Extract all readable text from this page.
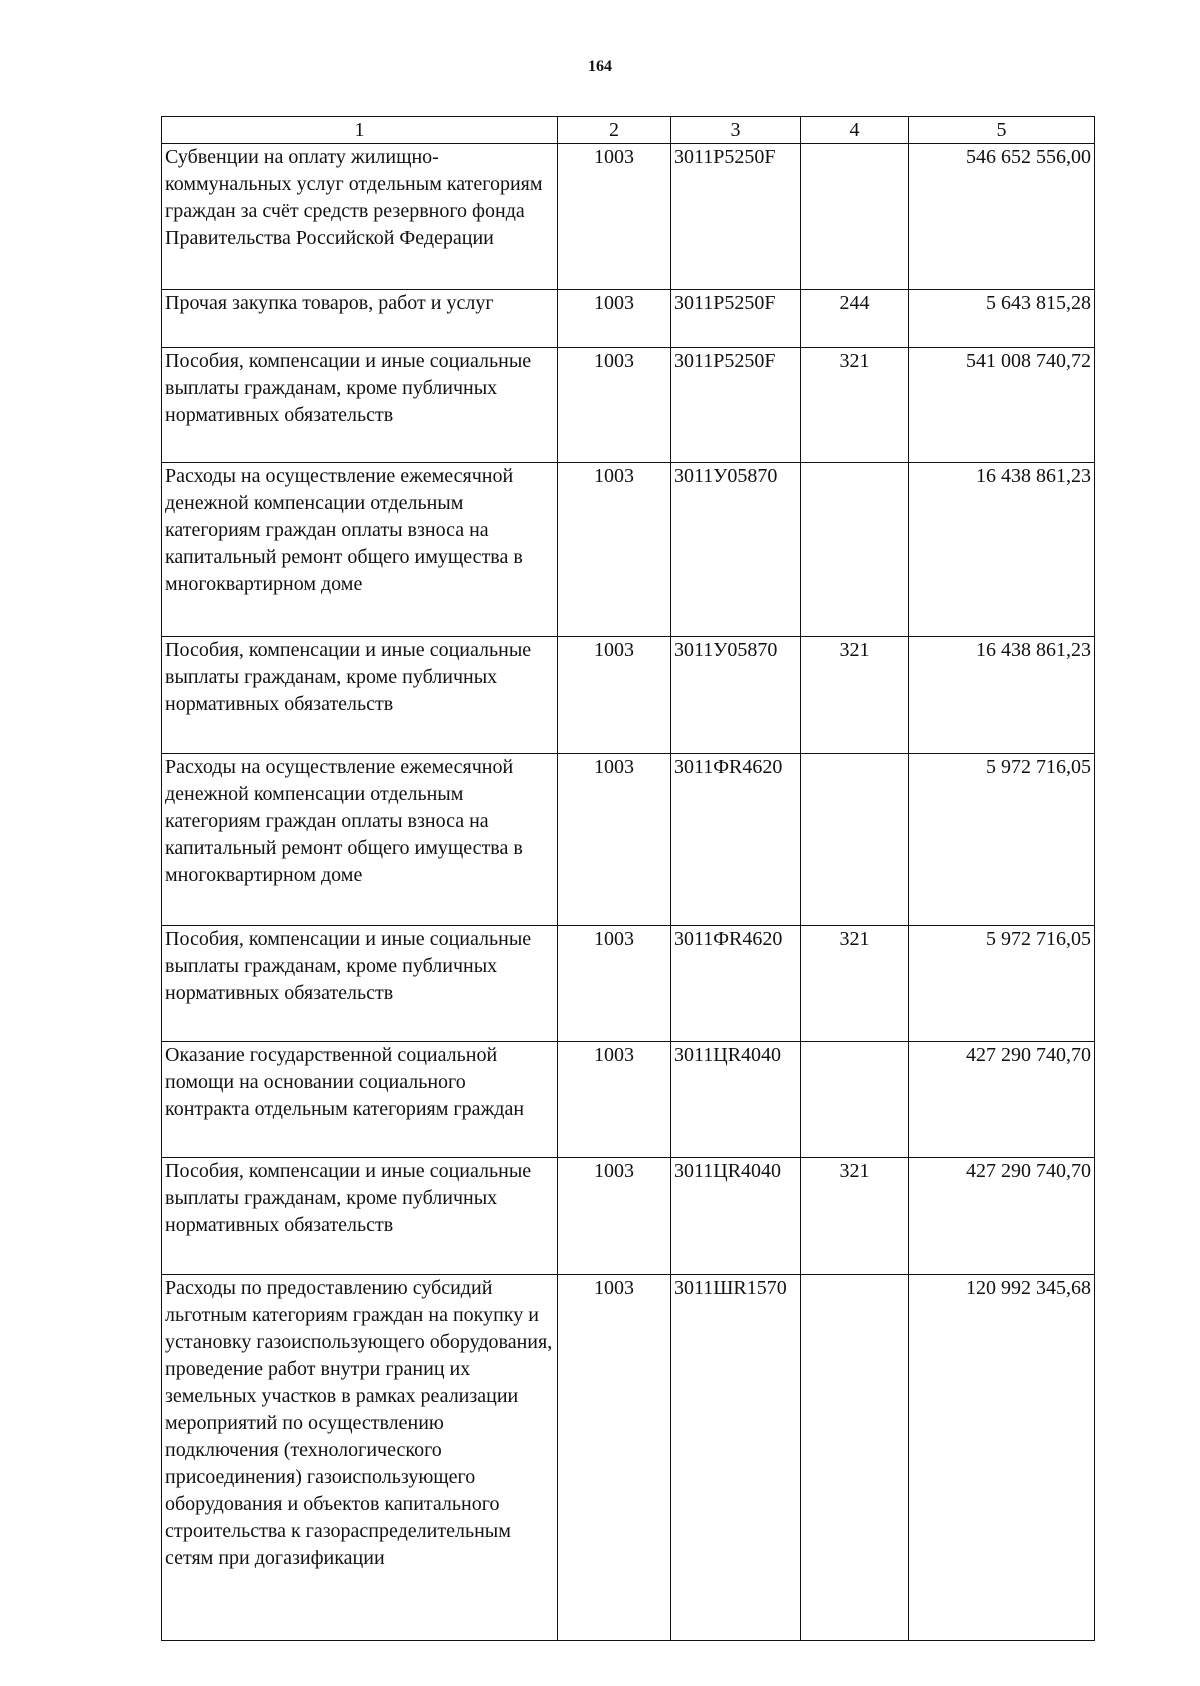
164
1	2	3	4	5
Субвенции на оплату жилищно-коммунальных услуг отдельным категориям граждан за счёт средств резервного фонда Правительства Российской Федерации	1003	3011Р5250F		546 652 556,00
Прочая закупка товаров, работ и услуг	1003	3011Р5250F	244	5 643 815,28
Пособия, компенсации и иные социальные выплаты гражданам, кроме публичных нормативных обязательств	1003	3011Р5250F	321	541 008 740,72
Расходы на осуществление ежемесячной денежной компенсации отдельным категориям граждан оплаты взноса на капитальный ремонт общего имущества в многоквартирном доме	1003	3011У05870		16 438 861,23
Пособия, компенсации и иные социальные выплаты гражданам, кроме публичных нормативных обязательств	1003	3011У05870	321	16 438 861,23
Расходы на осуществление ежемесячной денежной компенсации отдельным категориям граждан оплаты взноса на капитальный ремонт общего имущества в многоквартирном доме	1003	3011ФR4620		5 972 716,05
Пособия, компенсации и иные социальные выплаты гражданам, кроме публичных нормативных обязательств	1003	3011ФR4620	321	5 972 716,05
Оказание государственной социальной помощи на основании социального контракта отдельным категориям граждан	1003	3011ЦR4040		427 290 740,70
Пособия, компенсации и иные социальные выплаты гражданам, кроме публичных нормативных обязательств	1003	3011ЦR4040	321	427 290 740,70
Расходы по предоставлению субсидий льготным категориям граждан на покупку и установку газоиспользующего оборудования, проведение работ внутри границ их земельных участков в рамках реализации мероприятий по осуществлению подключения (технологического присоединения) газоиспользующего оборудования и объектов капитального строительства к газораспределительным сетям при догазификации	1003	3011ШR1570		120 992 345,68
